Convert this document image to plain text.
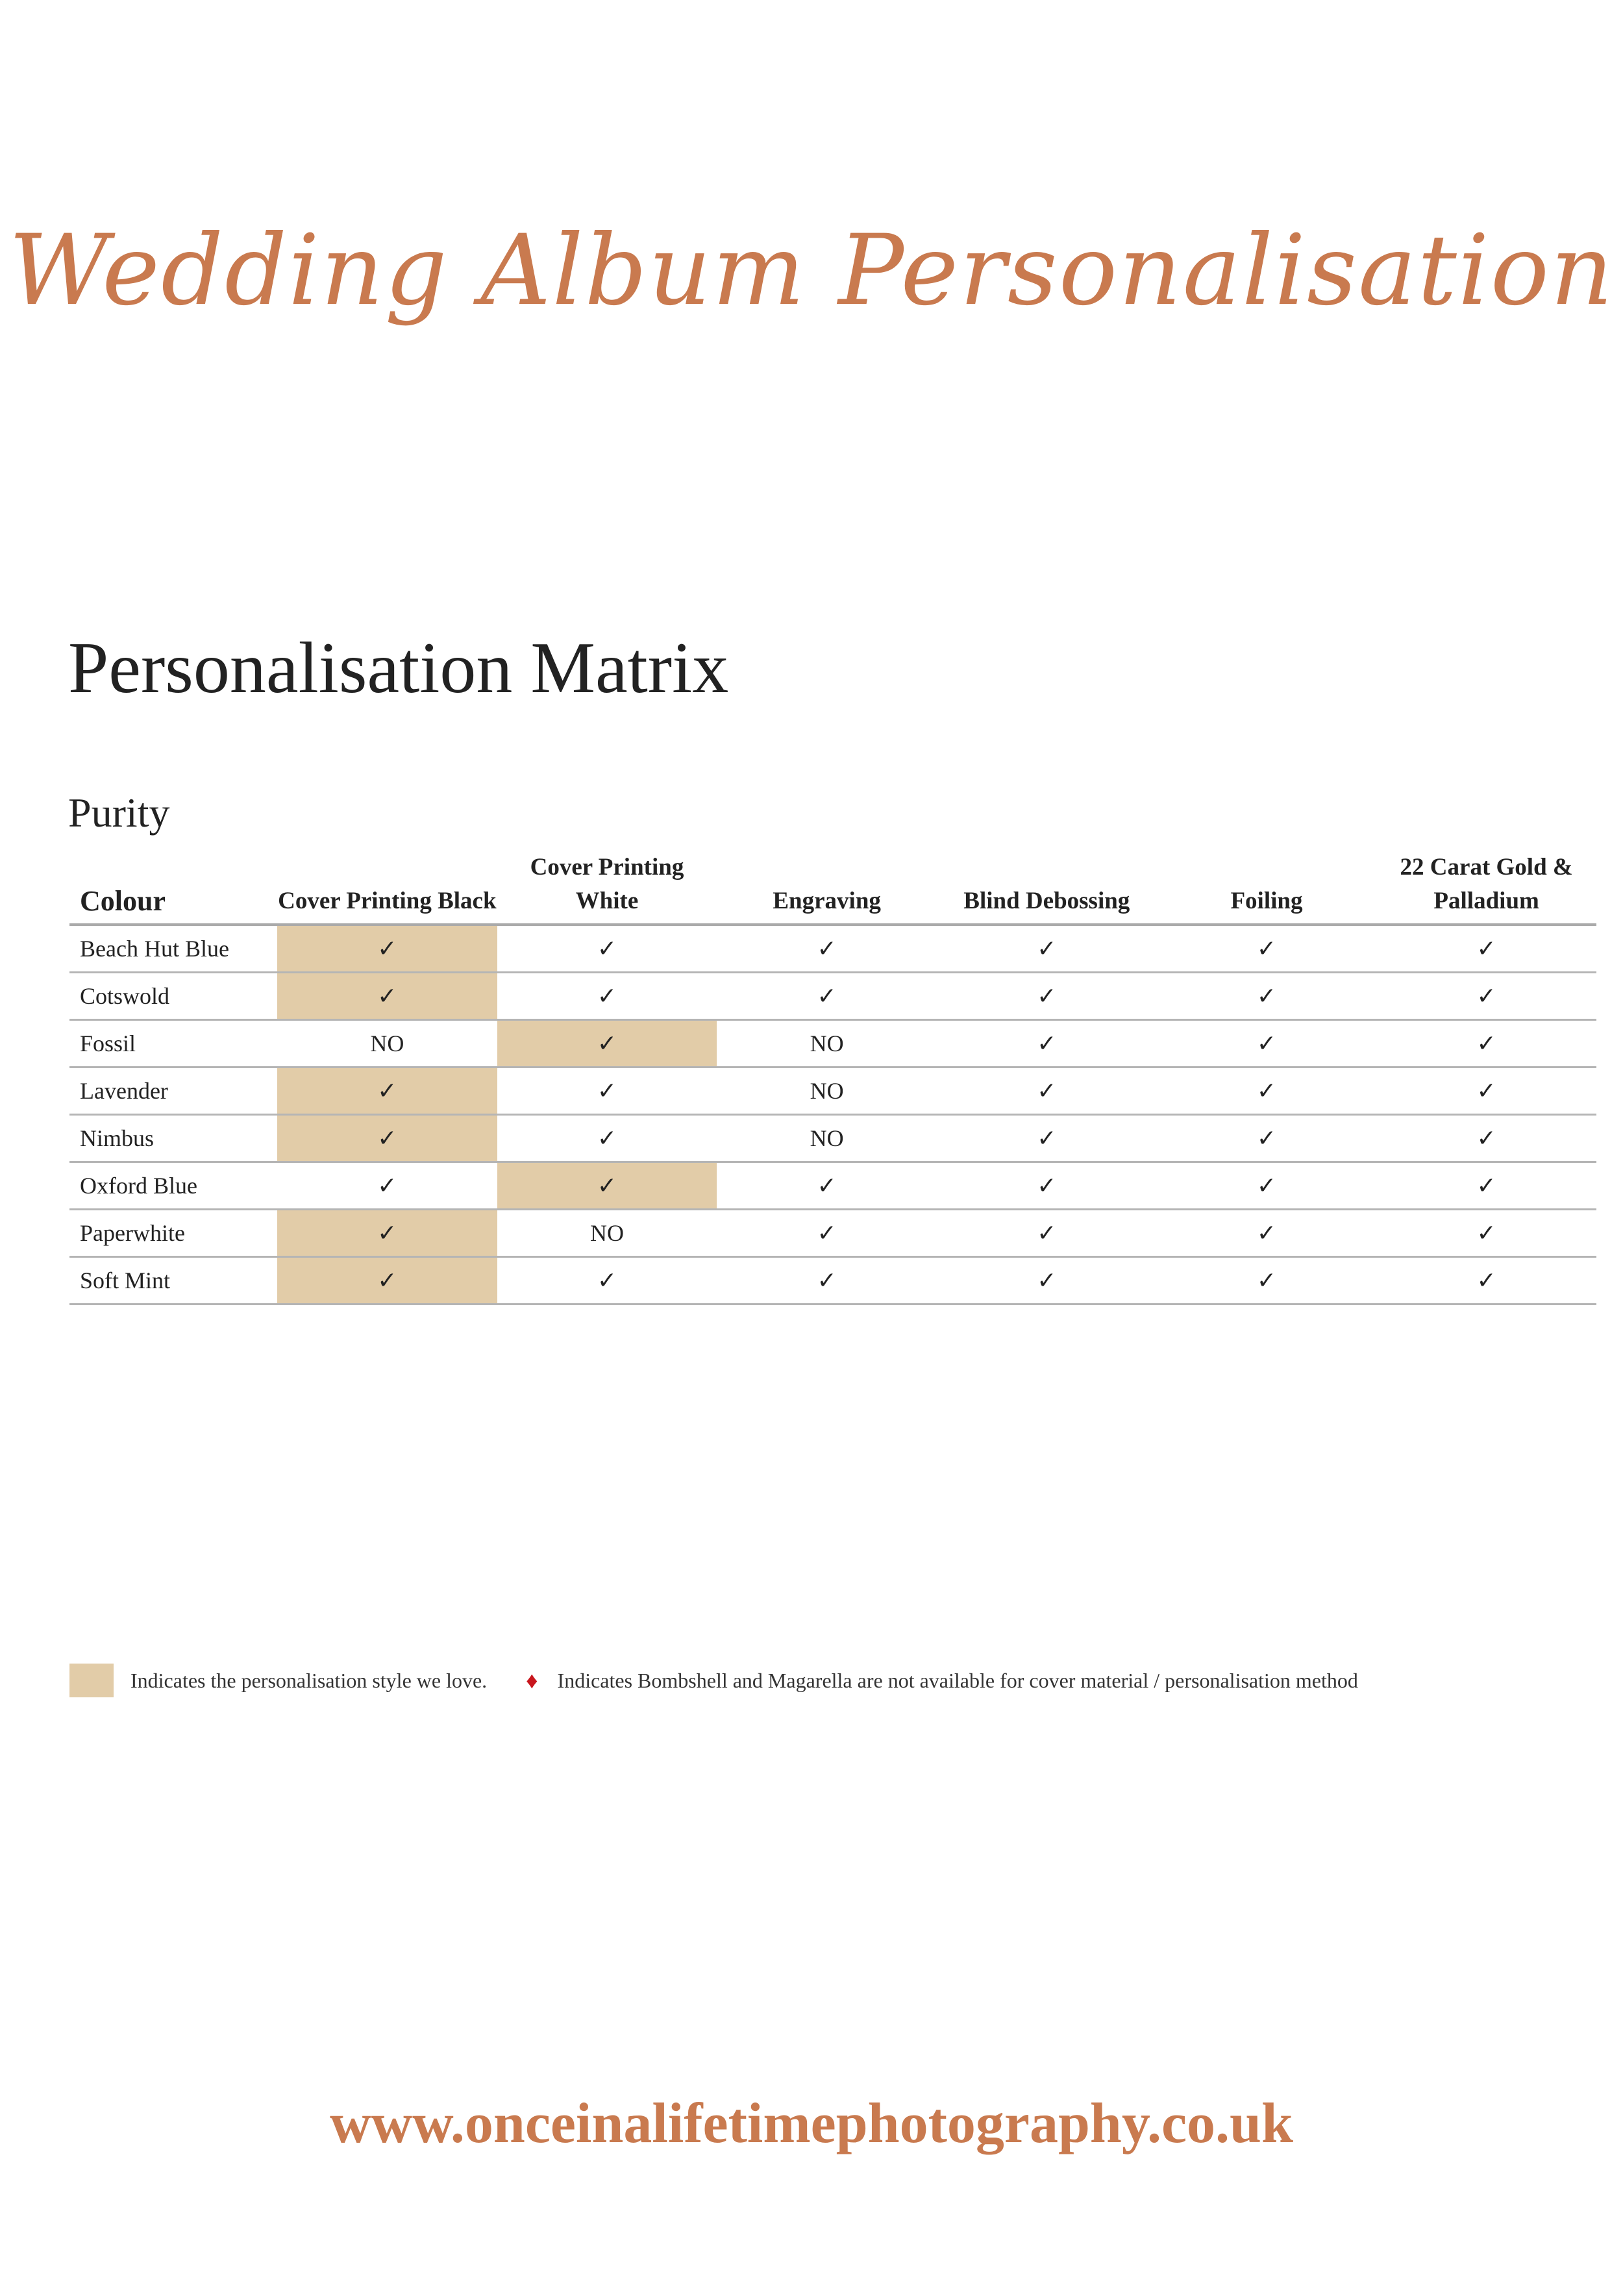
Wedding Album Personalisation
Personalisation Matrix
Purity
Colour	Cover Printing Black	Cover Printing White	Engraving	Blind Debossing	Foiling	22 Carat Gold & Palladium
Beach Hut Blue	✓	✓	✓	✓	✓	✓
Cotswold	✓	✓	✓	✓	✓	✓
Fossil	NO	✓	NO	✓	✓	✓
Lavender	✓	✓	NO	✓	✓	✓
Nimbus	✓	✓	NO	✓	✓	✓
Oxford Blue	✓	✓	✓	✓	✓	✓
Paperwhite	✓	NO	✓	✓	✓	✓
Soft Mint	✓	✓	✓	✓	✓	✓
Indicates the personalisation style we love. ♦ Indicates Bombshell and Magarella are not available for cover material / personalisation method
www.onceinalifetimephotography.co.uk
